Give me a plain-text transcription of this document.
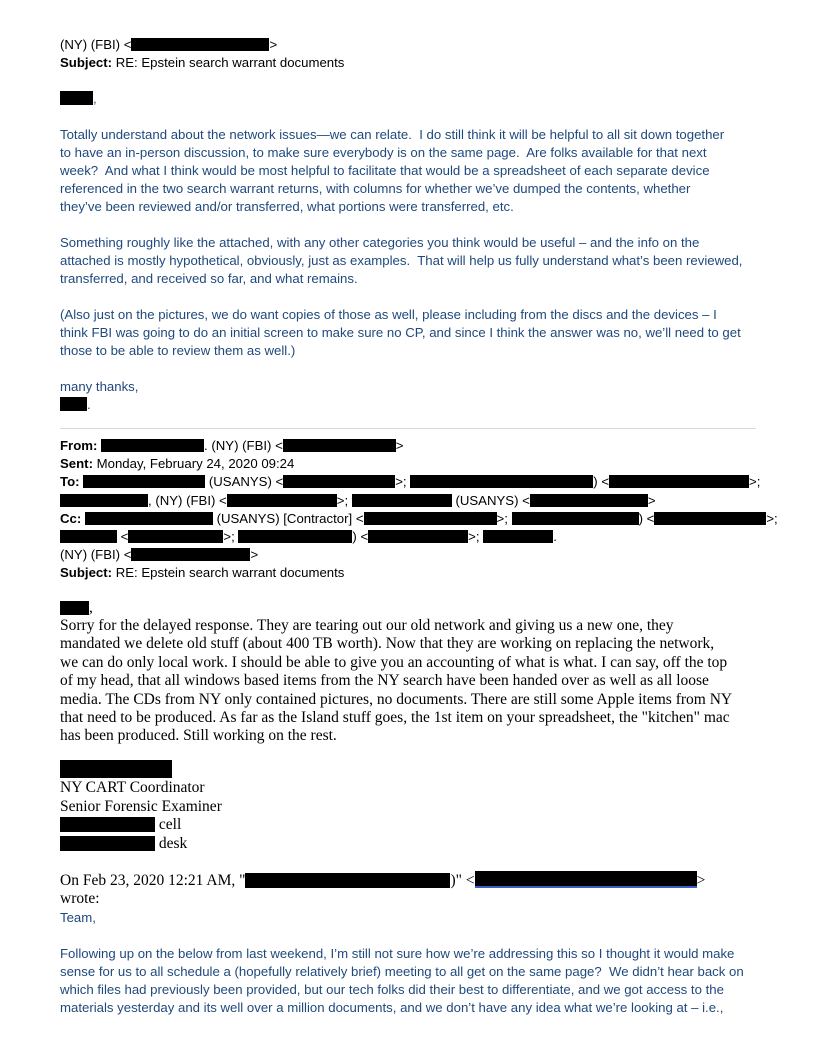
(NY) (FBI) <	>
Subject: RE: Epstein search warrant documents
,
Totally understand about the network issues—we can relate.  I do still think it will be helpful to all sit down together
to have an in-person discussion, to make sure everybody is on the same page.  Are folks available for that next
week?  And what I think would be most helpful to facilitate that would be a spreadsheet of each separate device
referenced in the two search warrant returns, with columns for whether we’ve dumped the contents, whether
they’ve been reviewed and/or transferred, what portions were transferred, etc.
Something roughly like the attached, with any other categories you think would be useful – and the info on the
attached is mostly hypothetical, obviously, just as examples.  That will help us fully understand what’s been reviewed,
transferred, and received so far, and what remains.
(Also just on the pictures, we do want copies of those as well, please including from the discs and the devices – I
think FBI was going to do an initial screen to make sure no CP, and since I think the answer was no, we’ll need to get
those to be able to review them as well.)
many thanks,
.
From:	. (NY) (FBI) <	>
Sent: Monday, February 24, 2020 09:24
To:	(USANYS) <	>;	) <	>;
, (NY) (FBI) <	>;	(USANYS) <	>
Cc:	(USANYS) [Contractor] <	>;	) <	>;
<	>;	) <	>;	.
(NY) (FBI) <	>
Subject: RE: Epstein search warrant documents
,
Sorry for the delayed response. They are tearing out our old network and giving us a new one, they
mandated we delete old stuff (about 400 TB worth). Now that they are working on replacing the network,
we can do only local work. I should be able to give you an accounting of what is what. I can say, off the top
of my head, that all windows based items from the NY search have been handed over as well as all loose
media. The CDs from NY only contained pictures, no documents. There are still some Apple items from NY
that need to be produced. As far as the Island stuff goes, the 1st item on your spreadsheet, the "kitchen" mac
has been produced. Still working on the rest.
NY CART Coordinator
Senior Forensic Examiner
cell
desk
On Feb 23, 2020 12:21 AM, "	)" <	>
wrote:
Team,
Following up on the below from last weekend, I’m still not sure how we’re addressing this so I thought it would make
sense for us to all schedule a (hopefully relatively brief) meeting to all get on the same page?  We didn’t hear back on
which files had previously been provided, but our tech folks did their best to differentiate, and we got access to the
materials yesterday and its well over a million documents, and we don’t have any idea what we’re looking at – i.e.,
